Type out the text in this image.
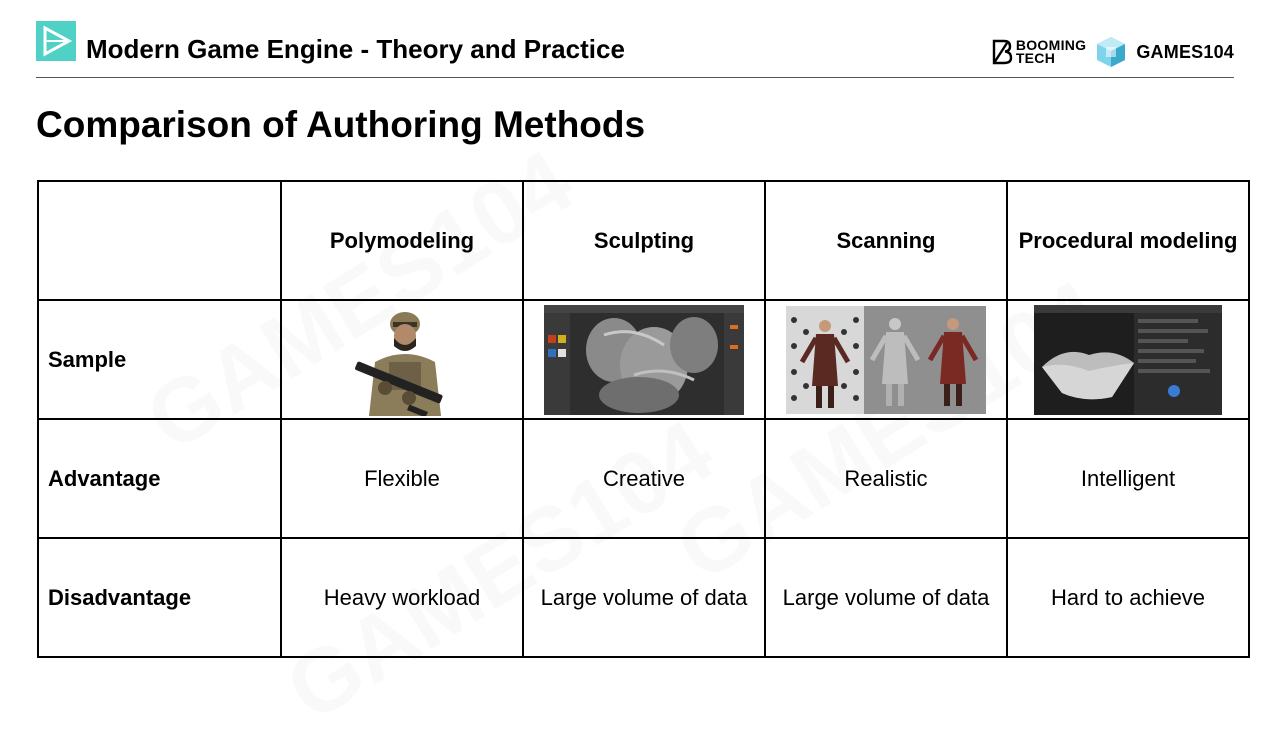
Modern Game Engine - Theory and Practice	BOOMING
TECH	GAMES104
Comparison of Authoring Methods
	Polymodeling	Sculpting	Scanning	Procedural modeling
Sample	

Advantage	Flexible	Creative	Realistic	Intelligent
Disadvantage	Heavy workload	Large volume of data	Large volume of data	Hard to achieve
